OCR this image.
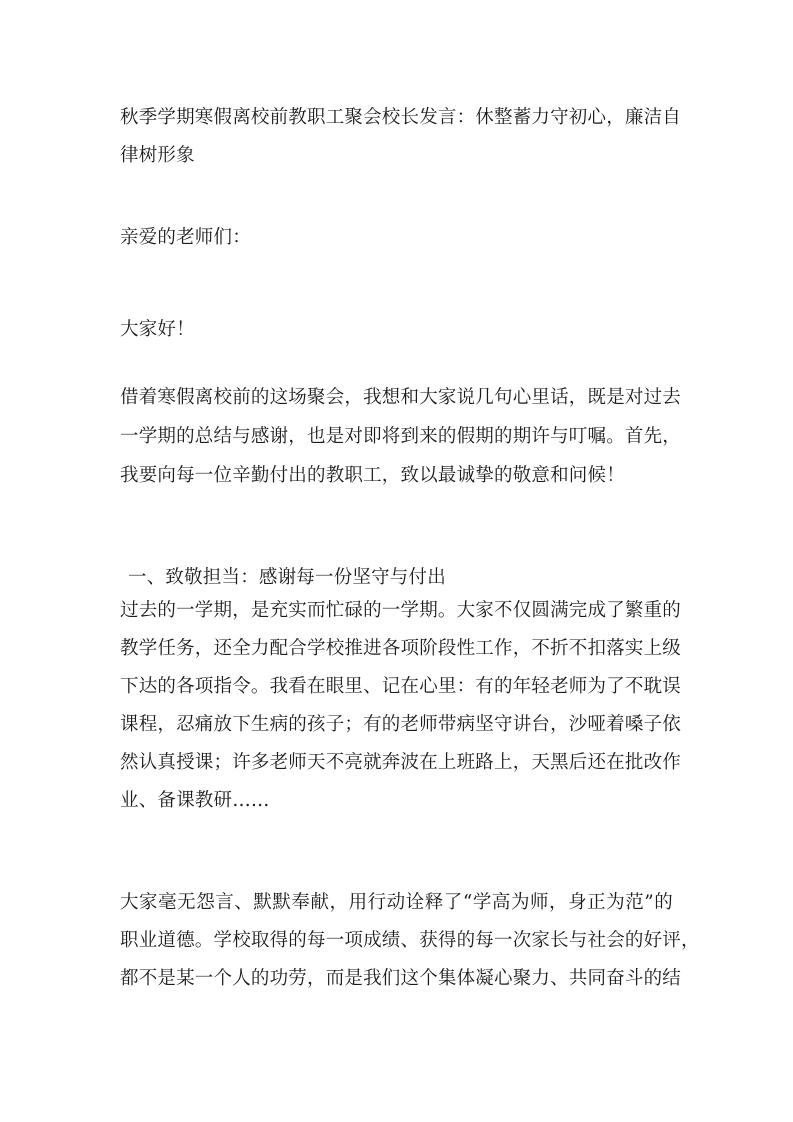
秋季学期寒假离校前教职工聚会校长发言：休整蓄力守初心，廉洁自
律树形象
亲爱的老师们：
大家好！
借着寒假离校前的这场聚会，我想和大家说几句心里话，既是对过去
一学期的总结与感谢，也是对即将到来的假期的期许与叮嘱。首先，
我要向每一位辛勤付出的教职工，致以最诚挚的敬意和问候！
一、致敬担当：感谢每一份坚守与付出
过去的一学期，是充实而忙碌的一学期。大家不仅圆满完成了繁重的
教学任务，还全力配合学校推进各项阶段性工作，不折不扣落实上级
下达的各项指令。我看在眼里、记在心里：有的年轻老师为了不耽误
课程，忍痛放下生病的孩子；有的老师带病坚守讲台，沙哑着嗓子依
然认真授课；许多老师天不亮就奔波在上班路上，天黑后还在批改作
业、备课教研……
大家毫无怨言、默默奉献，用行动诠释了“学高为师，身正为范”的
职业道德。学校取得的每一项成绩、获得的每一次家长与社会的好评，
都不是某一个人的功劳，而是我们这个集体凝心聚力、共同奋斗的结
